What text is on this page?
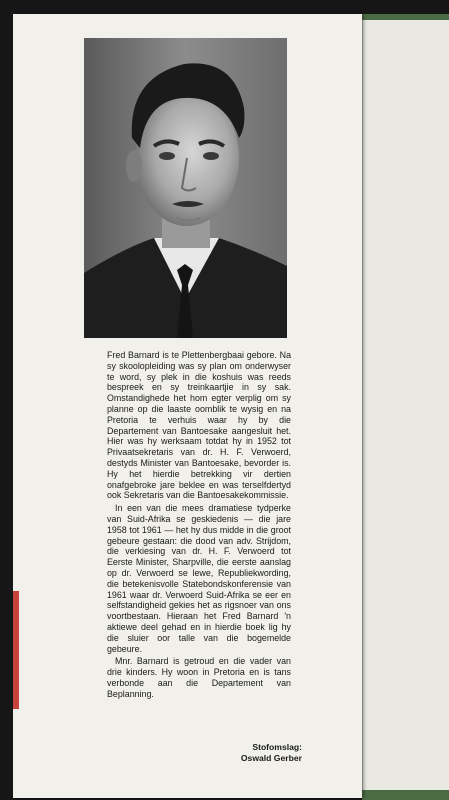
Fred Barnard is te Plettenbergbaai gebore. Na sy skoolopleiding was sy plan om onderwyser te word, sy plek in die koshuis was reeds bespreek en sy treinkaartjie in sy sak. Omstandighede het hom egter verplig om sy planne op die laaste oomblik te wysig en na Pretoria te verhuis waar hy by die Departement van Bantoesake aangesluit het. Hier was hy werksaam totdat hy in 1952 tot Privaatsekretaris van dr. H. F. Verwoerd, destyds Minister van Bantoesake, bevorder is. Hy het hierdie betrekking vir dertien onafgebroke jare beklee en was terselfdertyd ook Sekretaris van die Bantoesakekommissie.

In een van die mees dramatiese tydperke van Suid-Afrika se geskiedenis — die jare 1958 tot 1961 — het hy dus midde in die groot gebeure gestaan: die dood van adv. Strijdom, die verkiesing van dr. H. F. Verwoerd tot Eerste Minister, Sharpville, die eerste aanslag op dr. Verwoerd se lewe, Republiekwording, die betekenisvolle Statebondskonferensie van 1961 waar dr. Verwoerd Suid-Afrika se eer en selfstandigheid gekies het as rigsnoer van ons voortbestaan. Hieraan het Fred Barnard 'n aktiewe deel gehad en in hierdie boek lig hy die sluier oor talle van die bogemelde gebeure.

Mnr. Barnard is getroud en die vader van drie kinders. Hy woon in Pretoria en is tans verbonde aan die Departement van Beplanning.

Stofomslag:
Oswald Gerber
